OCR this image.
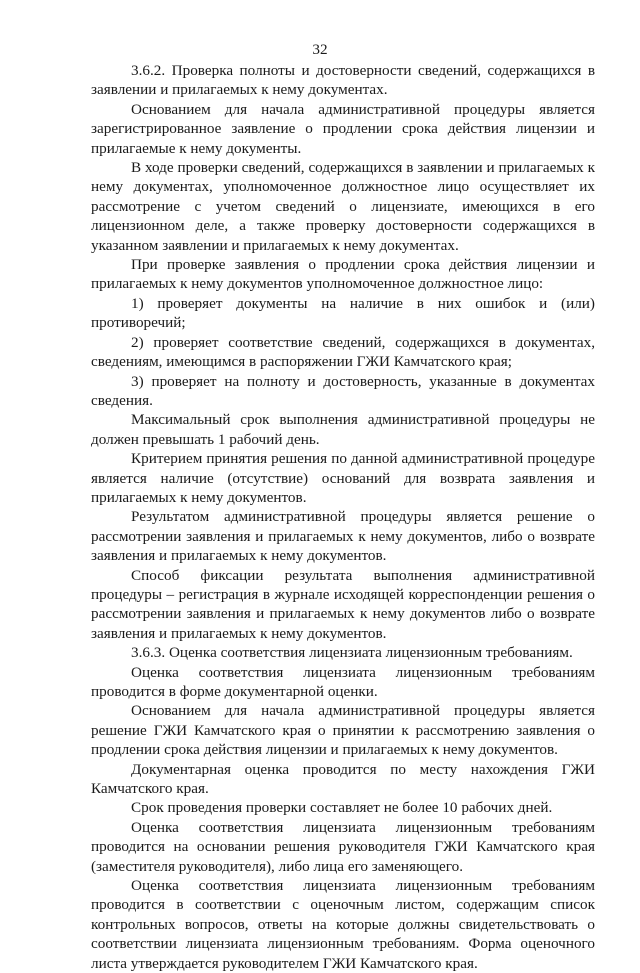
32

3.6.2. Проверка полноты и достоверности сведений, содержащихся в заявлении и прилагаемых к нему документах.

Основанием для начала административной процедуры является зарегистрированное заявление о продлении срока действия лицензии и прилагаемые к нему документы.

В ходе проверки сведений, содержащихся в заявлении и прилагаемых к нему документах, уполномоченное должностное лицо осуществляет их рассмотрение с учетом сведений о лицензиате, имеющихся в его лицензионном деле, а также проверку достоверности содержащихся в указанном заявлении и прилагаемых к нему документах.

При проверке заявления о продлении срока действия лицензии и прилагаемых к нему документов уполномоченное должностное лицо:

1) проверяет документы на наличие в них ошибок и (или) противоречий;

2) проверяет соответствие сведений, содержащихся в документах, сведениям, имеющимся в распоряжении ГЖИ Камчатского края;

3) проверяет на полноту и достоверность, указанные в документах сведения.

Максимальный срок выполнения административной процедуры не должен превышать 1 рабочий день.

Критерием принятия решения по данной административной процедуре является наличие (отсутствие) оснований для возврата заявления и прилагаемых к нему документов.

Результатом административной процедуры является решение о рассмотрении заявления и прилагаемых к нему документов, либо о возврате заявления и прилагаемых к нему документов.

Способ фиксации результата выполнения административной процедуры – регистрация в журнале исходящей корреспонденции решения о рассмотрении заявления и прилагаемых к нему документов либо о возврате заявления и прилагаемых к нему документов.

3.6.3. Оценка соответствия лицензиата лицензионным требованиям.

Оценка соответствия лицензиата лицензионным требованиям проводится в форме документарной оценки.

Основанием для начала административной процедуры является решение ГЖИ Камчатского края о принятии к рассмотрению заявления о продлении срока действия лицензии и прилагаемых к нему документов.

Документарная оценка проводится по месту нахождения ГЖИ Камчатского края.

Срок проведения проверки составляет не более 10 рабочих дней.

Оценка соответствия лицензиата лицензионным требованиям проводится на основании решения руководителя ГЖИ Камчатского края (заместителя руководителя), либо лица его заменяющего.

Оценка соответствия лицензиата лицензионным требованиям проводится в соответствии с оценочным листом, содержащим список контрольных вопросов, ответы на которые должны свидетельствовать о соответствии лицензиата лицензионным требованиям. Форма оценочного листа утверждается руководителем ГЖИ Камчатского края.
